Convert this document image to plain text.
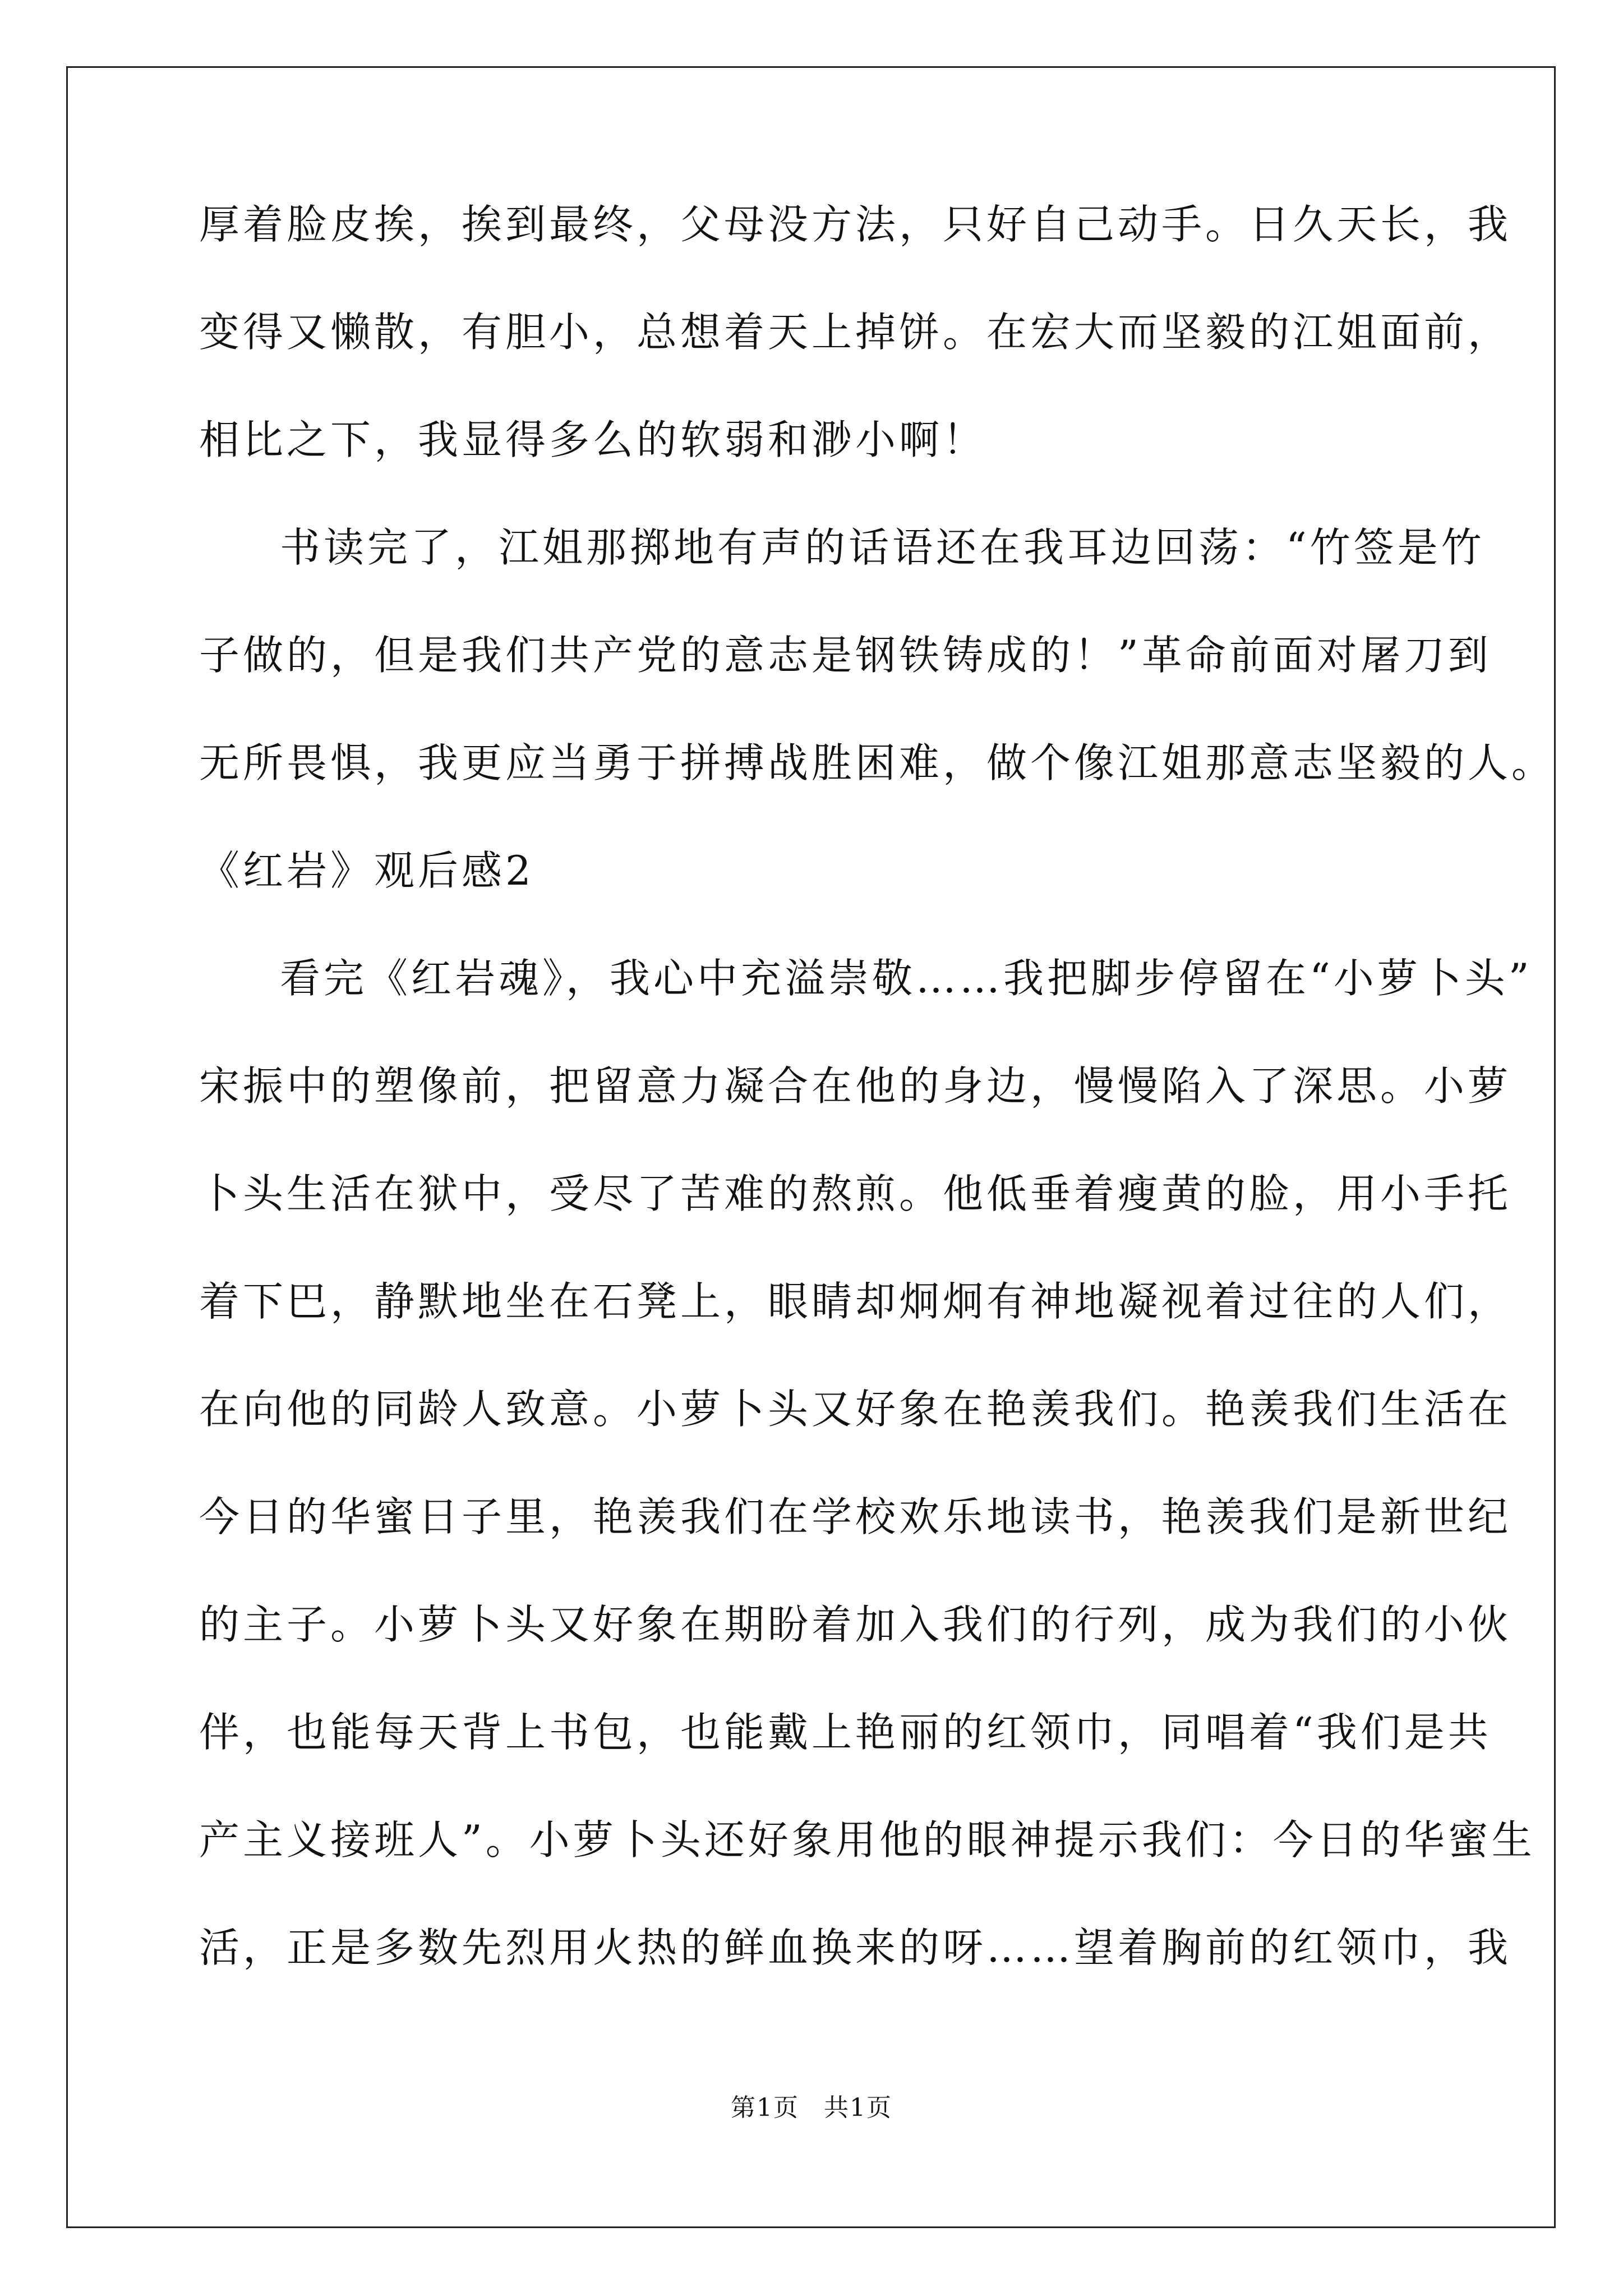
厚着脸皮挨，挨到最终，父母没方法，只好自己动手。日久天长，我
变得又懒散，有胆小，总想着天上掉饼。在宏大而坚毅的江姐面前，
相比之下，我显得多么的软弱和渺小啊！
书读完了，江姐那掷地有声的话语还在我耳边回荡：“竹签是竹
子做的，但是我们共产党的意志是钢铁铸成的！”革命前面对屠刀到
无所畏惧，我更应当勇于拼搏战胜困难，做个像江姐那意志坚毅的人。
《红岩》观后感2
看完《红岩魂》，我心中充溢崇敬……我把脚步停留在“小萝卜头”
宋振中的塑像前，把留意力凝合在他的身边，慢慢陷入了深思。小萝
卜头生活在狱中，受尽了苦难的熬煎。他低垂着瘦黄的脸，用小手托
着下巴，静默地坐在石凳上，眼睛却炯炯有神地凝视着过往的人们，
在向他的同龄人致意。小萝卜头又好象在艳羡我们。艳羡我们生活在
今日的华蜜日子里，艳羡我们在学校欢乐地读书，艳羡我们是新世纪
的主子。小萝卜头又好象在期盼着加入我们的行列，成为我们的小伙
伴，也能每天背上书包，也能戴上艳丽的红领巾，同唱着“我们是共
产主义接班人”。小萝卜头还好象用他的眼神提示我们：今日的华蜜生
活，正是多数先烈用火热的鲜血换来的呀……望着胸前的红领巾，我
第1页 共1页
